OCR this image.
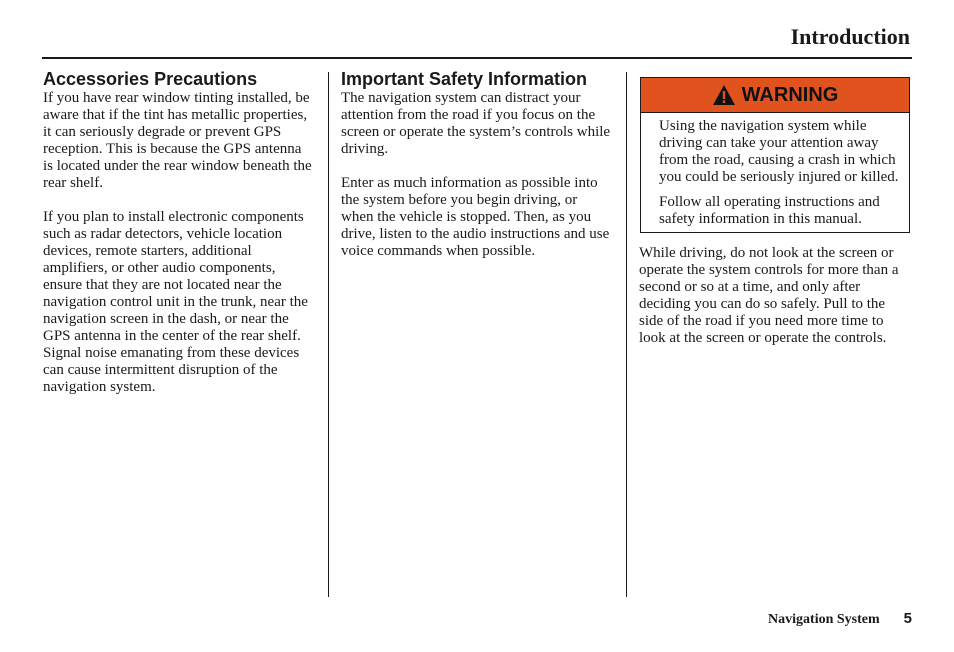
Introduction
Accessories Precautions

If you have rear window tinting installed, be aware that if the tint has metallic properties, it can seriously degrade or prevent GPS reception. This is because the GPS antenna is located under the rear window beneath the rear shelf.

If you plan to install electronic components such as radar detectors, vehicle location devices, remote starters, additional amplifiers, or other audio components, ensure that they are not located near the navigation control unit in the trunk, near the navigation screen in the dash, or near the GPS antenna in the center of the rear shelf. Signal noise emanating from these devices can cause intermittent disruption of the navigation system.

Important Safety Information

The navigation system can distract your attention from the road if you focus on the screen or operate the system’s controls while driving.

Enter as much information as possible into the system before you begin driving, or when the vehicle is stopped. Then, as you drive, listen to the audio instructions and use voice commands when possible.

WARNING

Using the navigation system while driving can take your attention away from the road, causing a crash in which you could be seriously injured or killed.

Follow all operating instructions and safety information in this manual.

While driving, do not look at the screen or operate the system controls for more than a second or so at a time, and only after deciding you can do so safely. Pull to the side of the road if you need more time to look at the screen or operate the controls.

Navigation System 5
